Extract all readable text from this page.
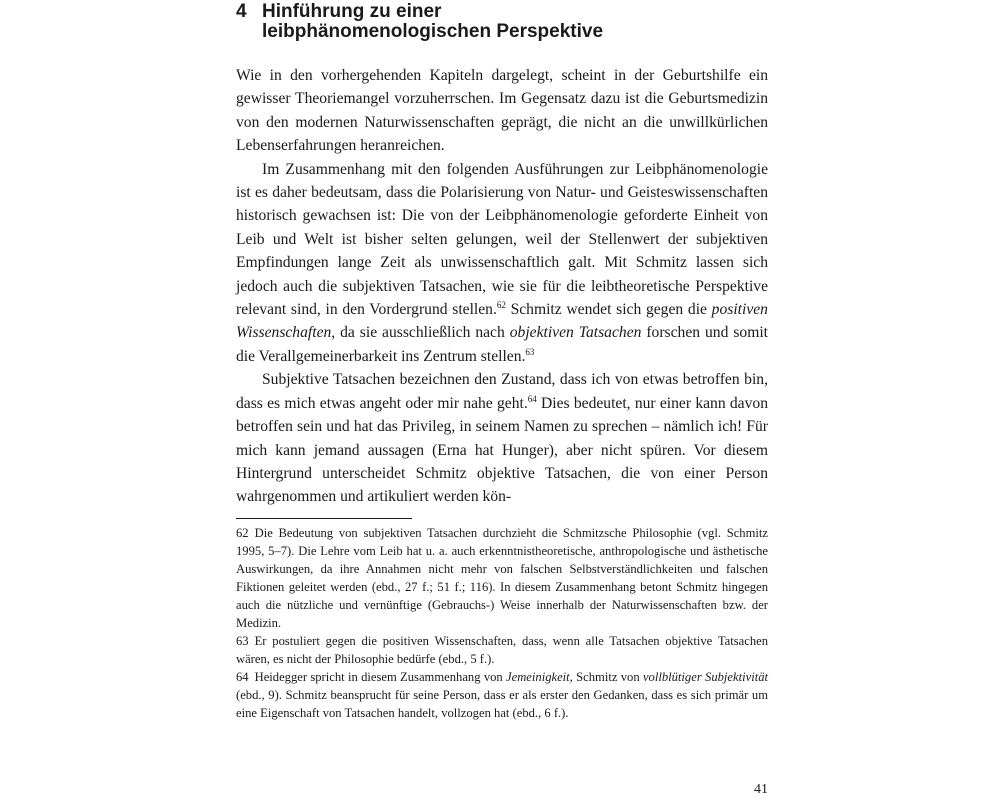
4 Hinführung zu einer
leibphänomenologischen Perspektive

Wie in den vorhergehenden Kapiteln dargelegt, scheint in der Geburtshilfe ein gewisser Theoriemangel vorzuherrschen. Im Gegensatz dazu ist die Geburtsmedizin von den modernen Naturwissenschaften geprägt, die nicht an die unwillkürlichen Lebenserfahrungen heranreichen.

Im Zusammenhang mit den folgenden Ausführungen zur Leibphänomenologie ist es daher bedeutsam, dass die Polarisierung von Natur- und Geisteswissenschaften historisch gewachsen ist: Die von der Leibphänomenologie geforderte Einheit von Leib und Welt ist bisher selten gelungen, weil der Stellenwert der subjektiven Empfindungen lange Zeit als unwissenschaftlich galt. Mit Schmitz lassen sich jedoch auch die subjektiven Tatsachen, wie sie für die leibtheoretische Perspektive relevant sind, in den Vordergrund stellen.$^{62}$ Schmitz wendet sich gegen die positiven Wissenschaften, da sie ausschließlich nach objektiven Tatsachen forschen und somit die Verallgemeinerbarkeit ins Zentrum stellen.$^{63}$

Subjektive Tatsachen bezeichnen den Zustand, dass ich von etwas betroffen bin, dass es mich etwas angeht oder mir nahe geht.$^{64}$ Dies bedeutet, nur einer kann davon betroffen sein und hat das Privileg, in seinem Namen zu sprechen – nämlich ich! Für mich kann jemand aussagen (Erna hat Hunger), aber nicht spüren. Vor diesem Hintergrund unterscheidet Schmitz objektive Tatsachen, die von einer Person wahrgenommen und artikuliert werden kön-

62 Die Bedeutung von subjektiven Tatsachen durchzieht die Schmitzsche Philosophie (vgl. Schmitz 1995, 5–7). Die Lehre vom Leib hat u. a. auch erkenntnistheoretische, anthropologische und ästhetische Auswirkungen, da ihre Annahmen nicht mehr von falschen Selbstverständlichkeiten und falschen Fiktionen geleitet werden (ebd., 27 f.; 51 f.; 116). In diesem Zusammenhang betont Schmitz hingegen auch die nützliche und vernünftige (Gebrauchs-) Weise innerhalb der Naturwissenschaften bzw. der Medizin.

63 Er postuliert gegen die positiven Wissenschaften, dass, wenn alle Tatsachen objektive Tatsachen wären, es nicht der Philosophie bedürfe (ebd., 5 f.).

64 Heidegger spricht in diesem Zusammenhang von Jemeinigkeit, Schmitz von vollblütiger Subjektivität (ebd., 9). Schmitz beansprucht für seine Person, dass er als erster den Gedanken, dass es sich primär um eine Eigenschaft von Tatsachen handelt, vollzogen hat (ebd., 6 f.).

41
